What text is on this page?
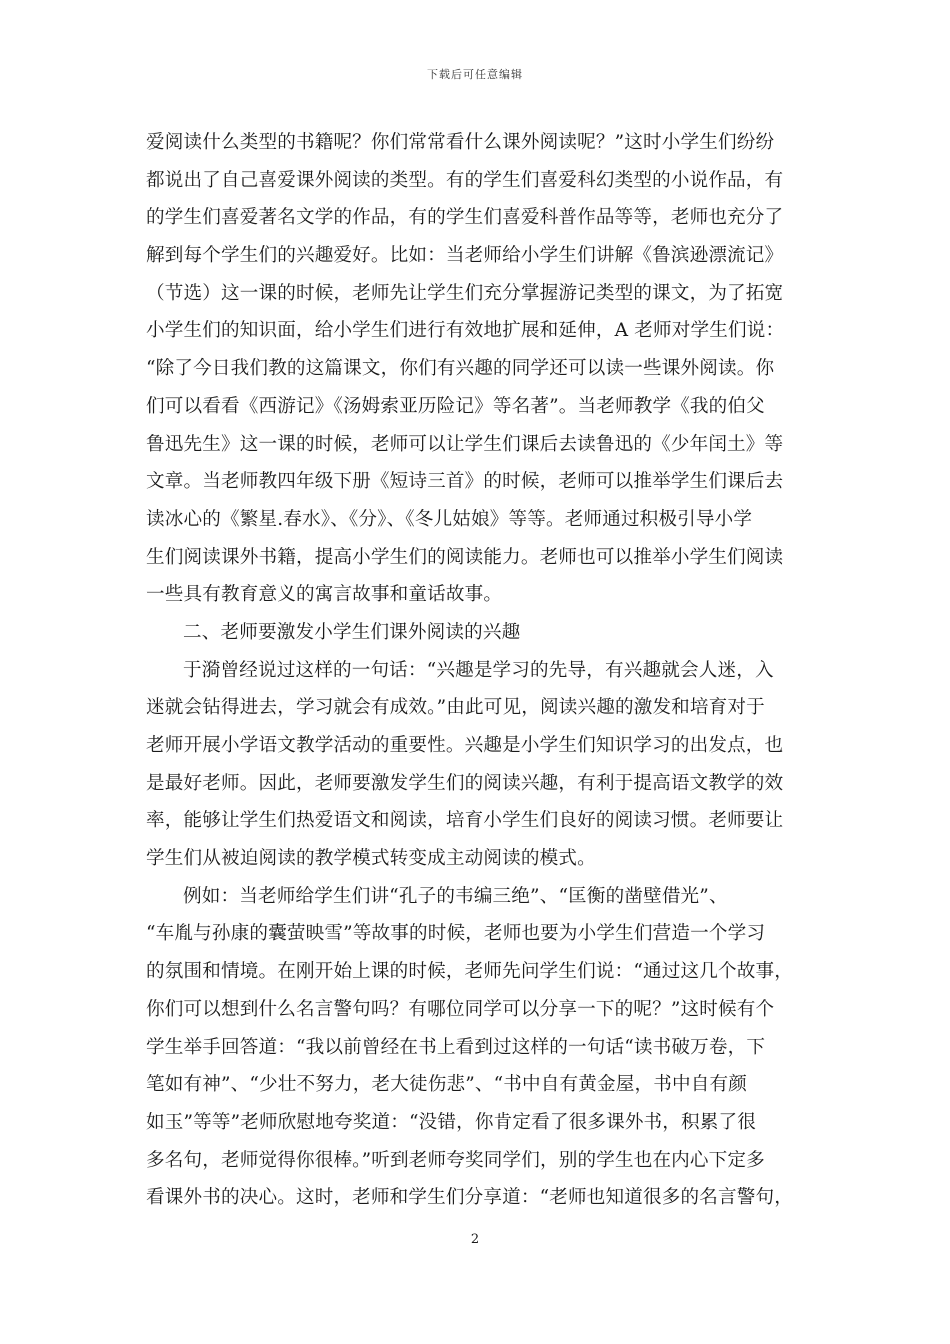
下载后可任意编辑
爱阅读什么类型的书籍呢？你们常常看什么课外阅读呢？”这时小学生们纷纷
都说出了自己喜爱课外阅读的类型。有的学生们喜爱科幻类型的小说作品，有
的学生们喜爱著名文学的作品，有的学生们喜爱科普作品等等，老师也充分了
解到每个学生们的兴趣爱好。比如：当老师给小学生们讲解《鲁滨逊漂流记》
（节选）这一课的时候，老师先让学生们充分掌握游记类型的课文，为了拓宽
小学生们的知识面，给小学生们进行有效地扩展和延伸，A 老师对学生们说：
“除了今日我们教的这篇课文，你们有兴趣的同学还可以读一些课外阅读。你
们可以看看《西游记》《汤姆索亚历险记》等名著”。当老师教学《我的伯父
鲁迅先生》这一课的时候，老师可以让学生们课后去读鲁迅的《少年闰土》等
文章。当老师教四年级下册《短诗三首》的时候，老师可以推举学生们课后去
读冰心的《繁星.春水》、《分》、《冬儿姑娘》等等。老师通过积极引导小学
生们阅读课外书籍，提高小学生们的阅读能力。老师也可以推举小学生们阅读
一些具有教育意义的寓言故事和童话故事。
二、老师要激发小学生们课外阅读的兴趣
于漪曾经说过这样的一句话：“兴趣是学习的先导，有兴趣就会人迷，入
迷就会钻得进去，学习就会有成效。”由此可见，阅读兴趣的激发和培育对于
老师开展小学语文教学活动的重要性。兴趣是小学生们知识学习的出发点，也
是最好老师。因此，老师要激发学生们的阅读兴趣，有利于提高语文教学的效
率，能够让学生们热爱语文和阅读，培育小学生们良好的阅读习惯。老师要让
学生们从被迫阅读的教学模式转变成主动阅读的模式。
例如：当老师给学生们讲“孔子的韦编三绝”、“匡衡的凿壁借光”、
“车胤与孙康的囊萤映雪”等故事的时候，老师也要为小学生们营造一个学习
的氛围和情境。在刚开始上课的时候，老师先问学生们说：“通过这几个故事，
你们可以想到什么名言警句吗？有哪位同学可以分享一下的呢？”这时候有个
学生举手回答道：“我以前曾经在书上看到过这样的一句话“读书破万卷，下
笔如有神”、“少壮不努力，老大徒伤悲”、“书中自有黄金屋，书中自有颜
如玉”等等”老师欣慰地夸奖道：“没错，你肯定看了很多课外书，积累了很
多名句，老师觉得你很棒。”听到老师夸奖同学们，别的学生也在内心下定多
看课外书的决心。这时，老师和学生们分享道：“老师也知道很多的名言警句，
2
